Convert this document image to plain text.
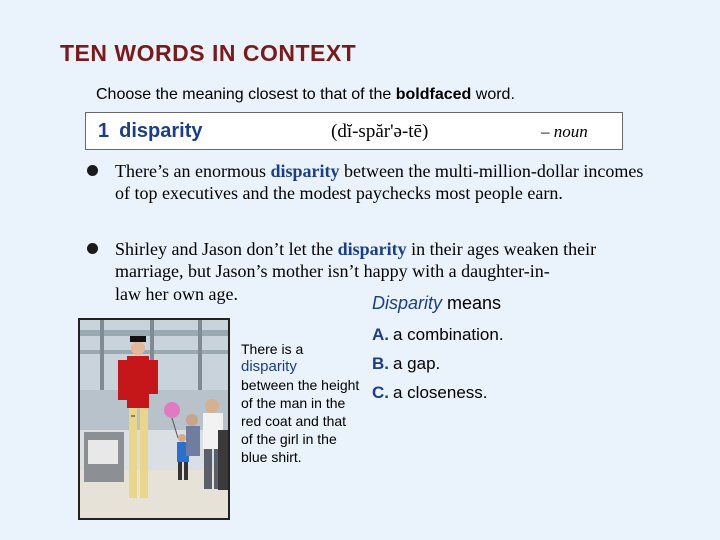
TEN WORDS IN CONTEXT
Choose the meaning closest to that of the boldfaced word.
1 disparity	(dĭ-spăr'ə-tē)	– noun
There’s an enormous disparity between the multi-million-dollar incomes of top executives and the modest paychecks most people earn.
Shirley and Jason don’t let the disparity in their ages weaken their marriage, but Jason’s mother isn’t happy with a daughter-in-
law her own age.	Disparity means
A. a combination.
B. a gap.
C. a closeness.
There is a
disparity
between the height of the man in the red coat and that of the girl in the blue shirt.
